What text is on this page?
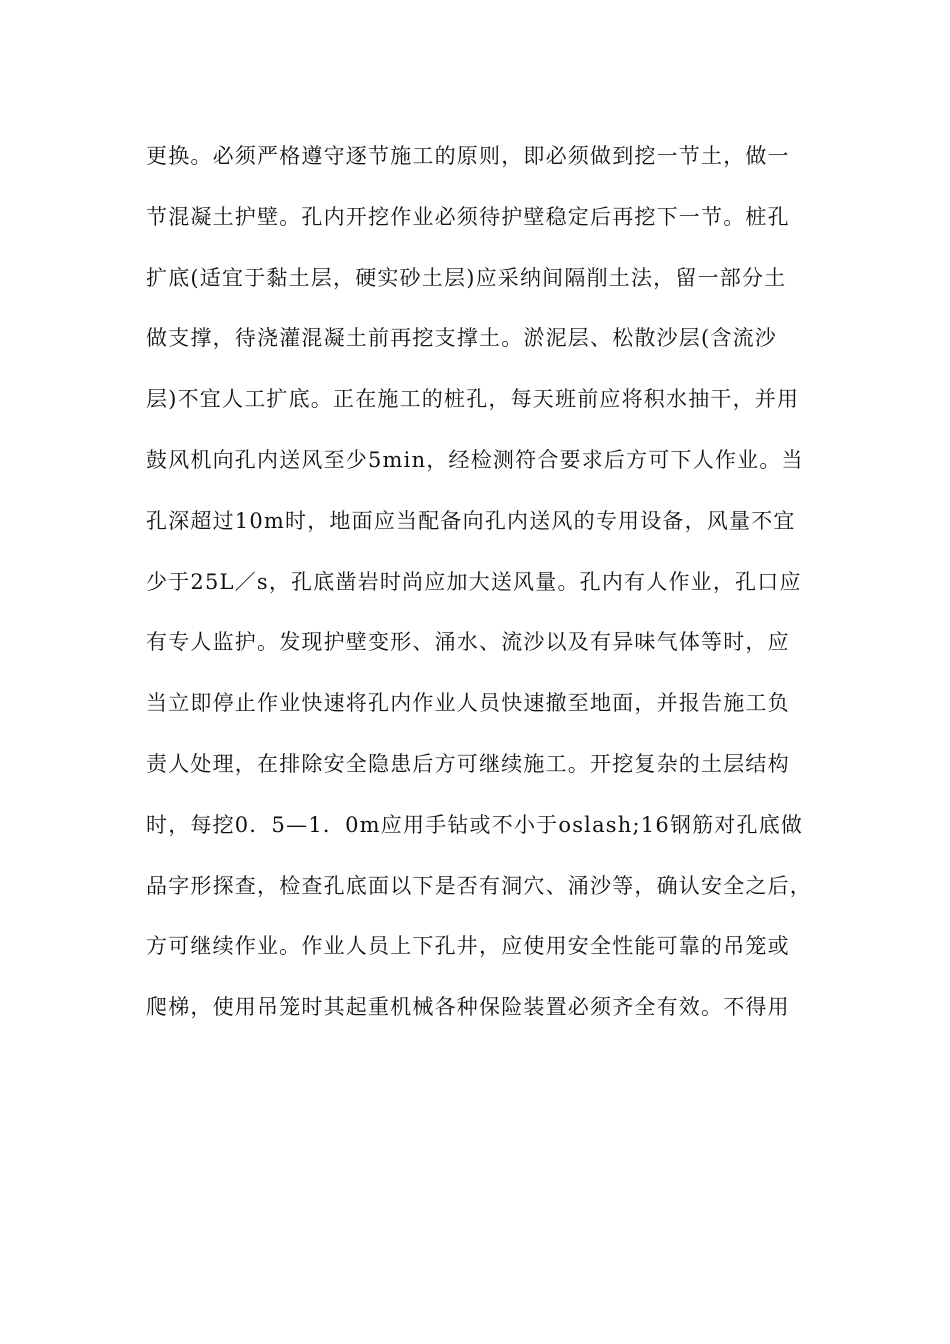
更换。必须严格遵守逐节施工的原则，即必须做到挖一节土，做一
节混凝土护壁。孔内开挖作业必须待护壁稳定后再挖下一节。桩孔
扩底(适宜于黏土层，硬实砂土层)应采纳间隔削土法，留一部分土
做支撑，待浇灌混凝土前再挖支撑土。淤泥层、松散沙层(含流沙
层)不宜人工扩底。正在施工的桩孔，每天班前应将积水抽干，并用
鼓风机向孔内送风至少5min，经检测符合要求后方可下人作业。当
孔深超过10m时，地面应当配备向孔内送风的专用设备，风量不宜
少于25L／s，孔底凿岩时尚应加大送风量。孔内有人作业，孔口应
有专人监护。发现护壁变形、涌水、流沙以及有异味气体等时，应
当立即停止作业快速将孔内作业人员快速撤至地面，并报告施工负
责人处理，在排除安全隐患后方可继续施工。开挖复杂的土层结构
时，每挖0．5—1．0m应用手钻或不小于oslash;16钢筋对孔底做
品字形探查，检查孔底面以下是否有洞穴、涌沙等，确认安全之后，
方可继续作业。作业人员上下孔井，应使用安全性能可靠的吊笼或
爬梯，使用吊笼时其起重机械各种保险装置必须齐全有效。不得用
